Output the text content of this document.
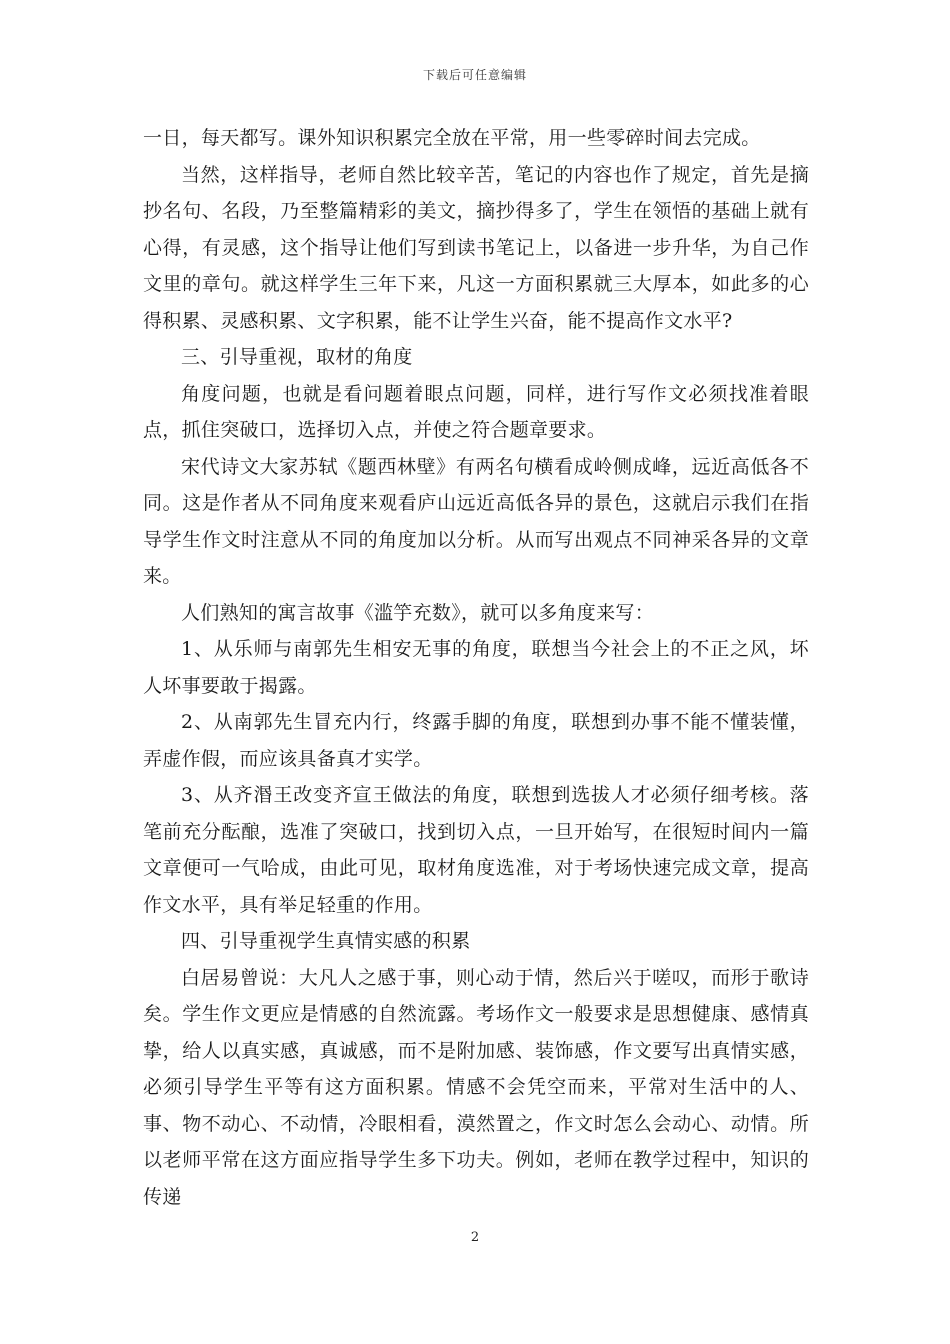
下载后可任意编辑

一日，每天都写。课外知识积累完全放在平常，用一些零碎时间去完成。

当然，这样指导，老师自然比较辛苦，笔记的内容也作了规定，首先是摘抄名句、名段，乃至整篇精彩的美文，摘抄得多了，学生在领悟的基础上就有心得，有灵感，这个指导让他们写到读书笔记上，以备进一步升华，为自己作文里的章句。就这样学生三年下来，凡这一方面积累就三大厚本，如此多的心得积累、灵感积累、文字积累，能不让学生兴奋，能不提高作文水平?

三、引导重视，取材的角度

角度问题，也就是看问题着眼点问题，同样，进行写作文必须找准着眼点，抓住突破口，选择切入点，并使之符合题章要求。

宋代诗文大家苏轼《题西林壁》有两名句横看成岭侧成峰，远近高低各不同。这是作者从不同角度来观看庐山远近高低各异的景色，这就启示我们在指导学生作文时注意从不同的角度加以分析。从而写出观点不同神采各异的文章来。

人们熟知的寓言故事《滥竽充数》，就可以多角度来写：

1、从乐师与南郭先生相安无事的角度，联想当今社会上的不正之风，坏人坏事要敢于揭露。

2、从南郭先生冒充内行，终露手脚的角度，联想到办事不能不懂装懂，弄虚作假，而应该具备真才实学。

3、从齐湣王改变齐宣王做法的角度，联想到选拔人才必须仔细考核。落笔前充分酝酿，选准了突破口，找到切入点，一旦开始写，在很短时间内一篇文章便可一气哈成，由此可见，取材角度选准，对于考场快速完成文章，提高作文水平，具有举足轻重的作用。

四、引导重视学生真情实感的积累

白居易曾说：大凡人之感于事，则心动于情，然后兴于嗟叹，而形于歌诗矣。学生作文更应是情感的自然流露。考场作文一般要求是思想健康、感情真挚，给人以真实感，真诚感，而不是附加感、装饰感，作文要写出真情实感，必须引导学生平等有这方面积累。情感不会凭空而来，平常对生活中的人、事、物不动心、不动情，冷眼相看，漠然置之，作文时怎么会动心、动情。所以老师平常在这方面应指导学生多下功夫。例如，老师在教学过程中，知识的传递

2
